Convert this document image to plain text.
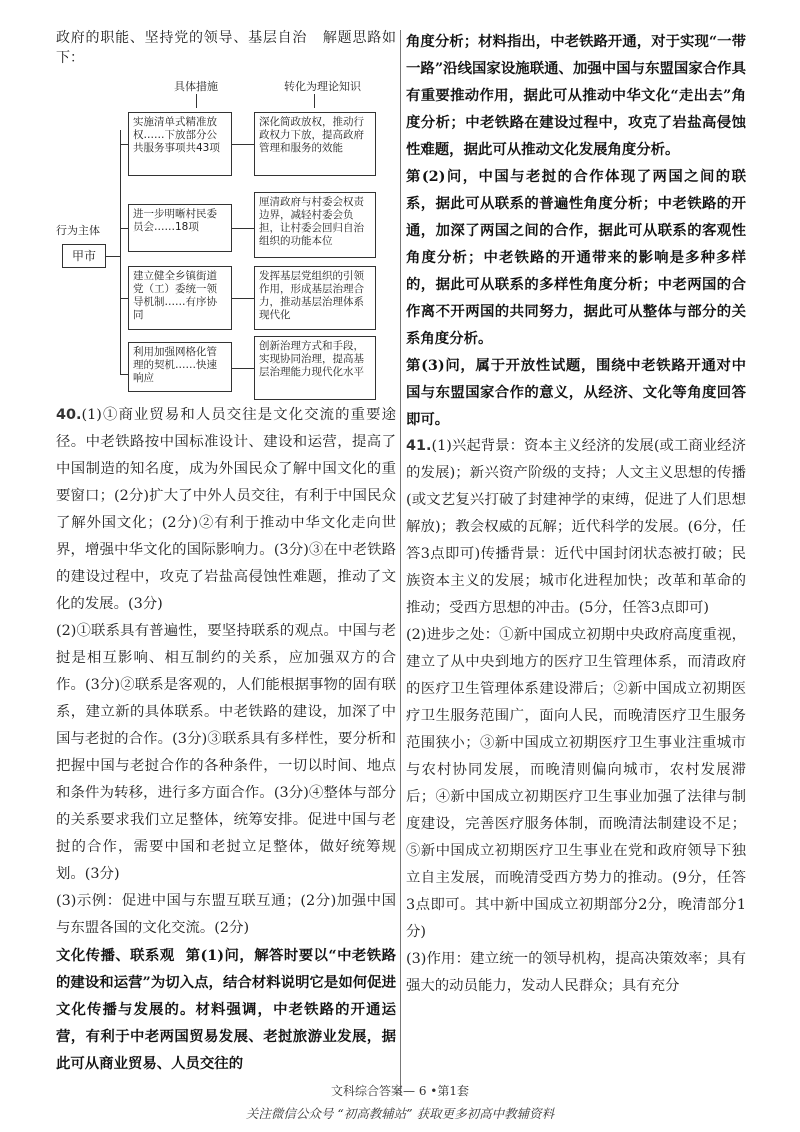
政府的职能、坚持党的领导、基层自治 解题思路如下：

具体措施	转化为理论知识
行为主体
甲市
实施清单式精准放权……下放部分公共服务事项共43项
进一步明晰村民委员会……18项
建立健全乡镇街道党（工）委统一领导机制……有序协同
利用加强网格化管理的契机……快速响应
深化简政放权，推动行政权力下放，提高政府管理和服务的效能
厘清政府与村委会权责边界，减轻村委会负担，让村委会回归自治组织的功能本位
发挥基层党组织的引领作用，形成基层治理合力，推动基层治理体系现代化
创新治理方式和手段，实现协同治理，提高基层治理能力现代化水平

40.(1)①商业贸易和人员交往是文化交流的重要途径。中老铁路按中国标准设计、建设和运营，提高了中国制造的知名度，成为外国民众了解中国文化的重要窗口；(2分)扩大了中外人员交往，有利于中国民众了解外国文化；(2分)②有利于推动中华文化走向世界，增强中华文化的国际影响力。(3分)③在中老铁路的建设过程中，攻克了岩盐高侵蚀性难题，推动了文化的发展。(3分)

(2)①联系具有普遍性，要坚持联系的观点。中国与老挝是相互影响、相互制约的关系，应加强双方的合作。(3分)②联系是客观的，人们能根据事物的固有联系，建立新的具体联系。中老铁路的建设，加深了中国与老挝的合作。(3分)③联系具有多样性，要分析和把握中国与老挝合作的各种条件，一切以时间、地点和条件为转移，进行多方面合作。(3分)④整体与部分的关系要求我们立足整体，统筹安排。促进中国与老挝的合作，需要中国和老挝立足整体，做好统筹规划。(3分)

(3)示例：促进中国与东盟互联互通；(2分)加强中国与东盟各国的文化交流。(2分)

文化传播、联系观 第(1)问，解答时要以“中老铁路的建设和运营”为切入点，结合材料说明它是如何促进文化传播与发展的。材料强调，中老铁路的开通运营，有利于中老两国贸易发展、老挝旅游业发展，据此可从商业贸易、人员交往的

角度分析；材料指出，中老铁路开通，对于实现“一带一路”沿线国家设施联通、加强中国与东盟国家合作具有重要推动作用，据此可从推动中华文化“走出去”角度分析；中老铁路在建设过程中，攻克了岩盐高侵蚀性难题，据此可从推动文化发展角度分析。

第(2)问，中国与老挝的合作体现了两国之间的联系，据此可从联系的普遍性角度分析；中老铁路的开通，加深了两国之间的合作，据此可从联系的客观性角度分析；中老铁路的开通带来的影响是多种多样的，据此可从联系的多样性角度分析；中老两国的合作离不开两国的共同努力，据此可从整体与部分的关系角度分析。

第(3)问，属于开放性试题，围绕中老铁路开通对中国与东盟国家合作的意义，从经济、文化等角度回答即可。

41.(1)兴起背景：资本主义经济的发展(或工商业经济的发展)；新兴资产阶级的支持；人文主义思想的传播(或文艺复兴打破了封建神学的束缚，促进了人们思想解放)；教会权威的瓦解；近代科学的发展。(6分，任答3点即可)传播背景：近代中国封闭状态被打破；民族资本主义的发展；城市化进程加快；改革和革命的推动；受西方思想的冲击。(5分，任答3点即可)

(2)进步之处：①新中国成立初期中央政府高度重视，建立了从中央到地方的医疗卫生管理体系，而清政府的医疗卫生管理体系建设滞后；②新中国成立初期医疗卫生服务范围广，面向人民，而晚清医疗卫生服务范围狭小；③新中国成立初期医疗卫生事业注重城市与农村协同发展，而晚清则偏向城市，农村发展滞后；④新中国成立初期医疗卫生事业加强了法律与制度建设，完善医疗服务体制，而晚清法制建设不足；⑤新中国成立初期医疗卫生事业在党和政府领导下独立自主发展，而晚清受西方势力的推动。(9分，任答3点即可。其中新中国成立初期部分2分，晚清部分1分)

(3)作用：建立统一的领导机构，提高决策效率；具有强大的动员能力，发动人民群众；具有充分

文科综合答案— 6 •第1套
关注微信公众号 “初高教辅站” 获取更多初高中教辅资料
